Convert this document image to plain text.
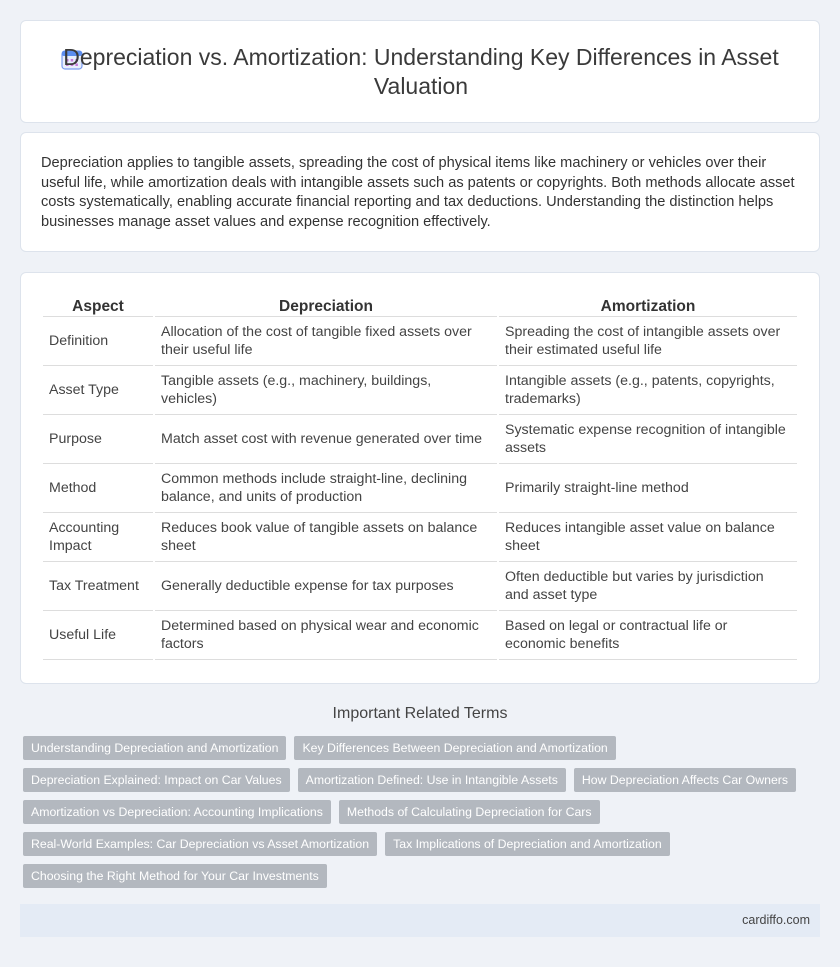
Depreciation vs. Amortization: Understanding Key Differences in Asset Valuation

Depreciation applies to tangible assets, spreading the cost of physical items like machinery or vehicles over their useful life, while amortization deals with intangible assets such as patents or copyrights. Both methods allocate asset costs systematically, enabling accurate financial reporting and tax deductions. Understanding the distinction helps businesses manage asset values and expense recognition effectively.

Aspect	Depreciation	Amortization
Definition	Allocation of the cost of tangible fixed assets over their useful life	Spreading the cost of intangible assets over their estimated useful life
Asset Type	Tangible assets (e.g., machinery, buildings, vehicles)	Intangible assets (e.g., patents, copyrights, trademarks)
Purpose	Match asset cost with revenue generated over time	Systematic expense recognition of intangible assets
Method	Common methods include straight-line, declining balance, and units of production	Primarily straight-line method
Accounting Impact	Reduces book value of tangible assets on balance sheet	Reduces intangible asset value on balance sheet
Tax Treatment	Generally deductible expense for tax purposes	Often deductible but varies by jurisdiction and asset type
Useful Life	Determined based on physical wear and economic factors	Based on legal or contractual life or economic benefits
Important Related Terms
Understanding Depreciation and Amortization	Key Differences Between Depreciation and Amortization
Depreciation Explained: Impact on Car Values	Amortization Defined: Use in Intangible Assets	How Depreciation Affects Car Owners
Amortization vs Depreciation: Accounting Implications	Methods of Calculating Depreciation for Cars
Real-World Examples: Car Depreciation vs Asset Amortization	Tax Implications of Depreciation and Amortization
Choosing the Right Method for Your Car Investments
cardiffo.com
